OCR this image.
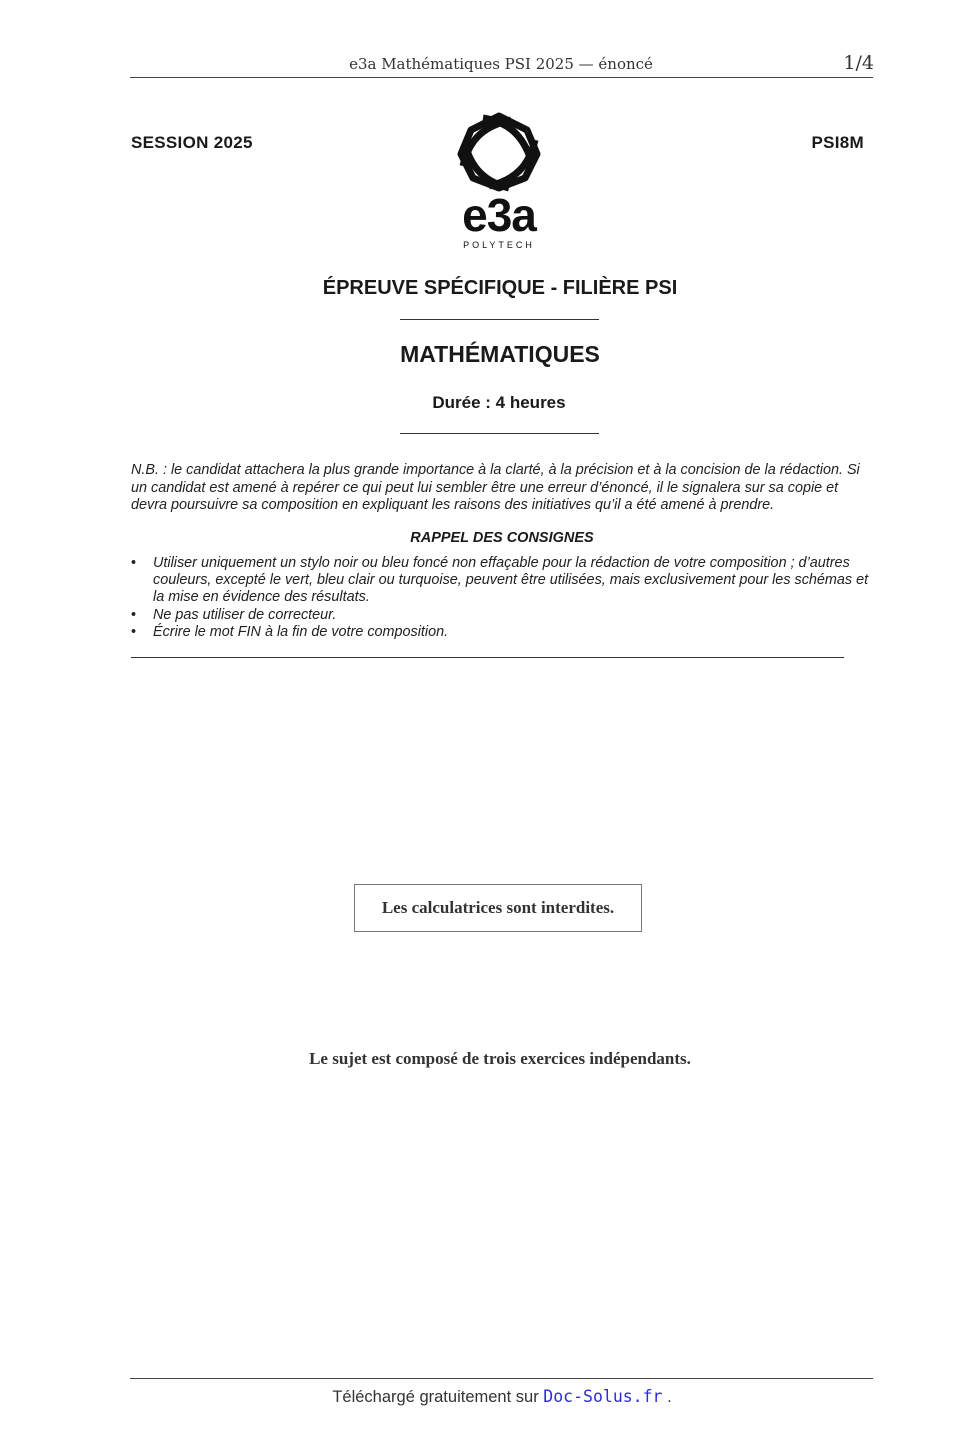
e3a Mathématiques PSI 2025 — énoncé	1/4
SESSION 2025	PSI8M
e3a
POLYTECH
ÉPREUVE SPÉCIFIQUE - FILIÈRE PSI
MATHÉMATIQUES
Durée : 4 heures
N.B. : le candidat attachera la plus grande importance à la clarté, à la précision et à la concision de la rédaction. Si un candidat est amené à repérer ce qui peut lui sembler être une erreur d’énoncé, il le signalera sur sa copie et devra poursuivre sa composition en expliquant les raisons des initiatives qu’il a été amené à prendre.
RAPPEL DES CONSIGNES
• Utiliser uniquement un stylo noir ou bleu foncé non effaçable pour la rédaction de votre composition ; d’autres couleurs, excepté le vert, bleu clair ou turquoise, peuvent être utilisées, mais exclusivement pour les schémas et la mise en évidence des résultats.
• Ne pas utiliser de correcteur.
• Écrire le mot FIN à la fin de votre composition.
Les calculatrices sont interdites.
Le sujet est composé de trois exercices indépendants.
Téléchargé gratuitement sur Doc-Solus.fr .
